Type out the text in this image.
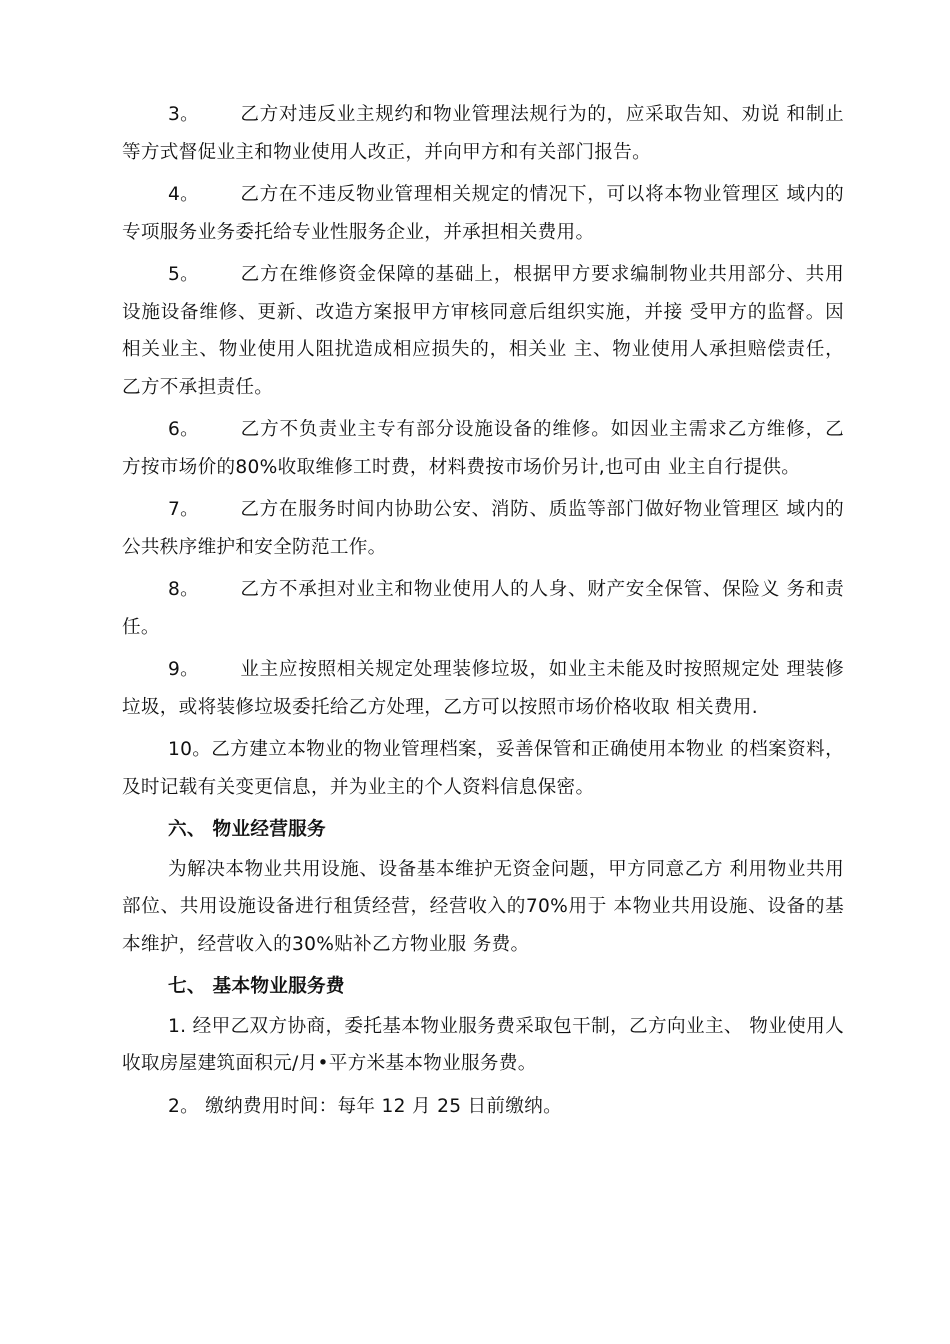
3。 乙方对违反业主规约和物业管理法规行为的，应采取告知、劝说 和制止等方式督促业主和物业使用人改正，并向甲方和有关部门报告。
4。 乙方在不违反物业管理相关规定的情况下，可以将本物业管理区 域内的专项服务业务委托给专业性服务企业，并承担相关费用。
5。 乙方在维修资金保障的基础上，根据甲方要求编制物业共用部分、共用设施设备维修、更新、改造方案报甲方审核同意后组织实施，并接 受甲方的监督。因相关业主、物业使用人阻扰造成相应损失的，相关业 主、物业使用人承担赔偿责任，乙方不承担责任。
6。 乙方不负责业主专有部分设施设备的维修。如因业主需求乙方维修，乙方按市场价的80%收取维修工时费，材料费按市场价另计,也可由 业主自行提供。
7。 乙方在服务时间内协助公安、消防、质监等部门做好物业管理区 域内的公共秩序维护和安全防范工作。
8。 乙方不承担对业主和物业使用人的人身、财产安全保管、保险义 务和责任。
9。 业主应按照相关规定处理装修垃圾，如业主未能及时按照规定处 理装修垃圾，或将装修垃圾委托给乙方处理，乙方可以按照市场价格收取 相关费用.
10。乙方建立本物业的物业管理档案，妥善保管和正确使用本物业 的档案资料，及时记载有关变更信息，并为业主的个人资料信息保密。
六、 物业经营服务
为解决本物业共用设施、设备基本维护无资金问题，甲方同意乙方 利用物业共用部位、共用设施设备进行租赁经营，经营收入的70%用于 本物业共用设施、设备的基本维护，经营收入的30%贴补乙方物业服 务费。
七、 基本物业服务费
1. 经甲乙双方协商，委托基本物业服务费采取包干制，乙方向业主、 物业使用人收取房屋建筑面积元/月•平方米基本物业服务费。
2。 缴纳费用时间：每年 12 月 25 日前缴纳。
